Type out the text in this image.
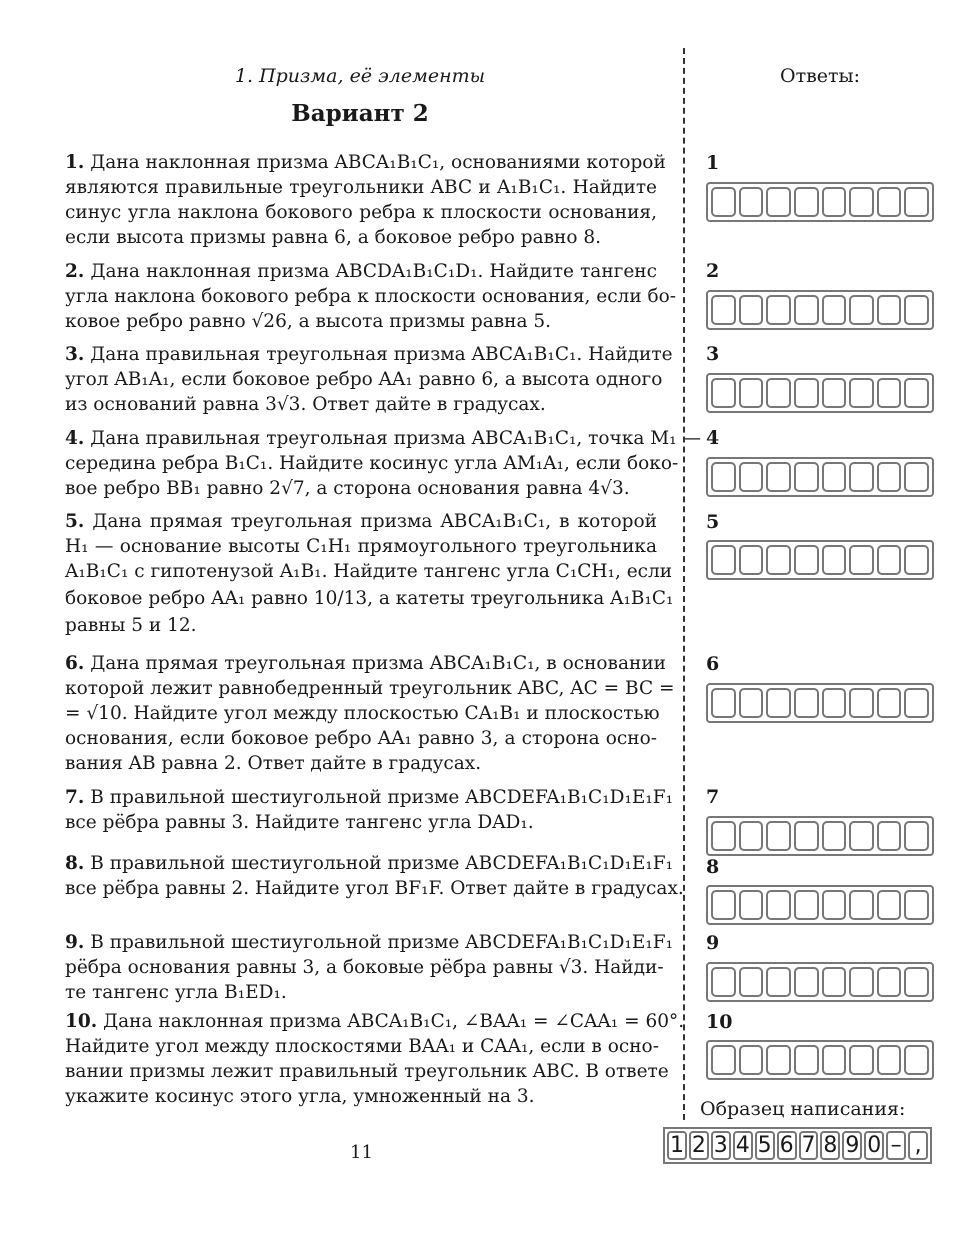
1. Призма, её элементы
Вариант 2
1. Дана наклонная призма ABCA₁B₁C₁, основаниями которой
являются правильные треугольники ABC и A₁B₁C₁. Найдите
синус угла наклона бокового ребра к плоскости основания,
если высота призмы равна 6, а боковое ребро равно 8.
2. Дана наклонная призма ABCDA₁B₁C₁D₁. Найдите тангенс
угла наклона бокового ребра к плоскости основания, если бо-
ковое ребро равно √26, а высота призмы равна 5.
3. Дана правильная треугольная призма ABCA₁B₁C₁. Найдите
угол AB₁A₁, если боковое ребро AA₁ равно 6, а высота одного
из оснований равна 3√3. Ответ дайте в градусах.
4. Дана правильная треугольная призма ABCA₁B₁C₁, точка M₁ —
середина ребра B₁C₁. Найдите косинус угла AM₁A₁, если боко-
вое ребро BB₁ равно 2√7, а сторона основания равна 4√3.
5. Дана прямая треугольная призма ABCA₁B₁C₁, в которой
H₁ — основание высоты C₁H₁ прямоугольного треугольника
A₁B₁C₁ с гипотенузой A₁B₁. Найдите тангенс угла C₁CH₁, если
боковое ребро AA₁ равно 10/13, а катеты треугольника A₁B₁C₁
равны 5 и 12.
6. Дана прямая треугольная призма ABCA₁B₁C₁, в основании
которой лежит равнобедренный треугольник ABC, AC = BC =
= √10. Найдите угол между плоскостью CA₁B₁ и плоскостью
основания, если боковое ребро AA₁ равно 3, а сторона осно-
вания AB равна 2. Ответ дайте в градусах.
7. В правильной шестиугольной призме ABCDEFA₁B₁C₁D₁E₁F₁
все рёбра равны 3. Найдите тангенс угла DAD₁.
8. В правильной шестиугольной призме ABCDEFA₁B₁C₁D₁E₁F₁
все рёбра равны 2. Найдите угол BF₁F. Ответ дайте в градусах.
9. В правильной шестиугольной призме ABCDEFA₁B₁C₁D₁E₁F₁
рёбра основания равны 3, а боковые рёбра равны √3. Найди-
те тангенс угла B₁ED₁.
10. Дана наклонная призма ABCA₁B₁C₁, ∠BAA₁ = ∠CAA₁ = 60°.
Найдите угол между плоскостями BAA₁ и CAA₁, если в осно-
вании призмы лежит правильный треугольник ABC. В ответе
укажите косинус этого угла, умноженный на 3.
Ответы:
1
2
3
4
5
6
7
8
9
10
Образец написания:
1 2 3 4 5 6 7 8 9 0 – ,
11
